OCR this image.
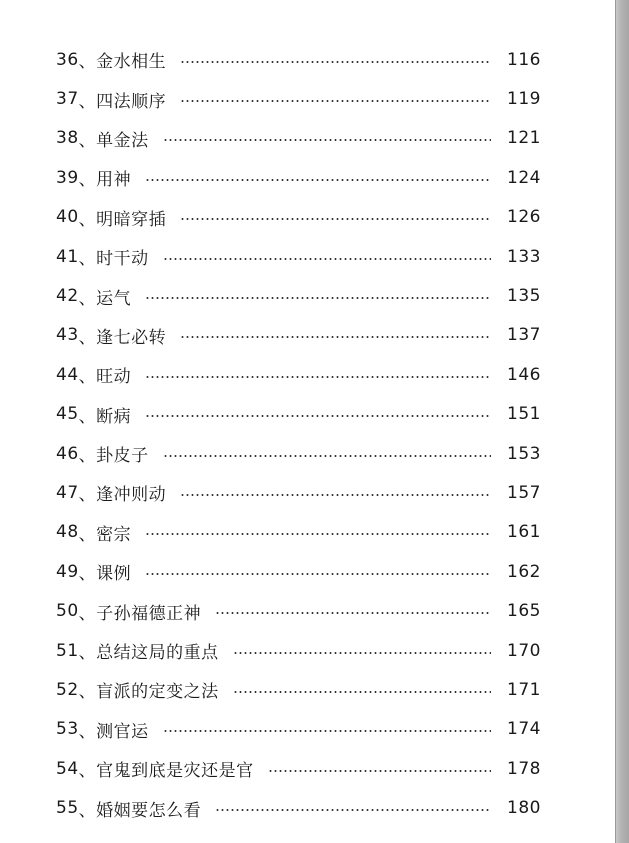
36 、 金水相生	116
37 、 四法顺序	119
38 、 单金法	121
39 、 用神	124
40 、 明暗穿插	126
41 、 时干动	133
42 、 运气	135
43 、 逢七必转	137
44 、 旺动	146
45 、 断病	151
46 、 卦皮子	153
47 、 逢冲则动	157
48 、 密宗	161
49 、 课例	162
50 、 子孙福德正神	165
51 、 总结这局的重点	170
52 、 盲派的定变之法	171
53 、 测官运	174
54 、 官鬼到底是灾还是官	178
55 、 婚姻要怎么看	180
